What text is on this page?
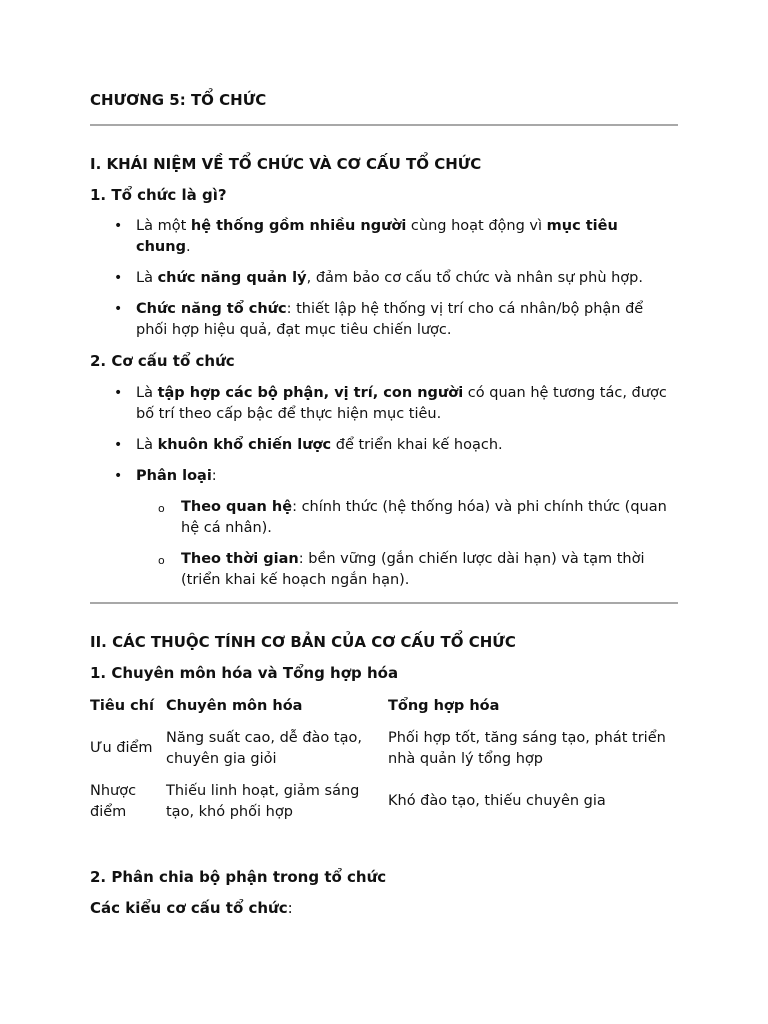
CHƯƠNG 5: TỔ CHỨC
I. KHÁI NIỆM VỀ TỔ CHỨC VÀ CƠ CẤU TỔ CHỨC
1. Tổ chức là gì?
• Là một hệ thống gồm nhiều người cùng hoạt động vì mục tiêu chung.
• Là chức năng quản lý, đảm bảo cơ cấu tổ chức và nhân sự phù hợp.
• Chức năng tổ chức: thiết lập hệ thống vị trí cho cá nhân/bộ phận để phối hợp hiệu quả, đạt mục tiêu chiến lược.
2. Cơ cấu tổ chức
• Là tập hợp các bộ phận, vị trí, con người có quan hệ tương tác, được bố trí theo cấp bậc để thực hiện mục tiêu.
• Là khuôn khổ chiến lược để triển khai kế hoạch.
• Phân loại:
o Theo quan hệ: chính thức (hệ thống hóa) và phi chính thức (quan hệ cá nhân).
o Theo thời gian: bền vững (gắn chiến lược dài hạn) và tạm thời (triển khai kế hoạch ngắn hạn).
II. CÁC THUỘC TÍNH CƠ BẢN CỦA CƠ CẤU TỔ CHỨC
1. Chuyên môn hóa và Tổng hợp hóa
Tiêu chí	Chuyên môn hóa	Tổng hợp hóa
Ưu điểm	Năng suất cao, dễ đào tạo, chuyên gia giỏi	Phối hợp tốt, tăng sáng tạo, phát triển nhà quản lý tổng hợp
Nhược điểm	Thiếu linh hoạt, giảm sáng tạo, khó phối hợp	Khó đào tạo, thiếu chuyên gia
2. Phân chia bộ phận trong tổ chức
Các kiểu cơ cấu tổ chức:
